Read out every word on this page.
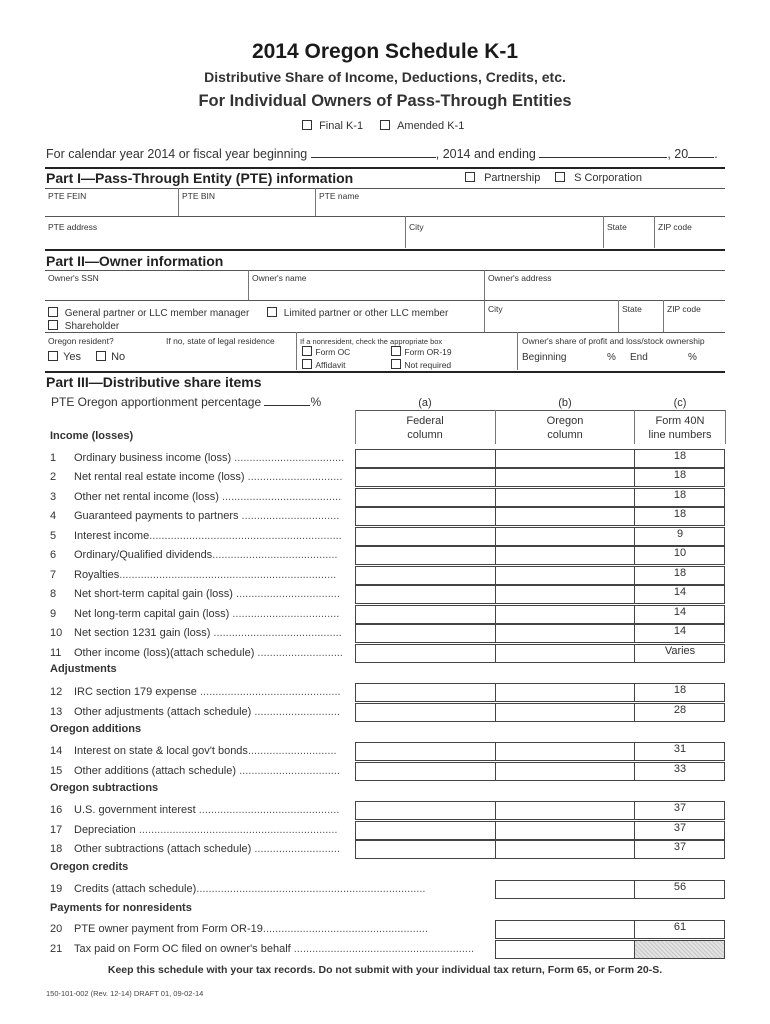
2014 Oregon Schedule K-1
Distributive Share of Income, Deductions, Credits, etc.
For Individual Owners of Pass-Through Entities
Final K-1	Amended K-1
For calendar year 2014 or fiscal year beginning	, 2014 and ending	, 20 .
Part I—Pass-Through Entity (PTE) information	Partnership	S Corporation
PTE FEIN	PTE BIN	PTE name
PTE address	City	State	ZIP code
Part II—Owner information
Owner's SSN	Owner's name	Owner's address
General partner or LLC member manager	Limited partner or other LLC member
Shareholder
City	State	ZIP code
Oregon resident?	If no, state of legal residence	If a nonresident, check the appropriate box	Owner's share of profit and loss/stock ownership
Yes	No	Form OC	Form OR-19
Affidavit	Not required
Beginning	% End	%
Part III—Distributive share items
PTE Oregon apportionment percentage	%	(a)	(b)	(c)
Federal
column
Oregon
column
Form 40N
line numbers
Income (losses)
Adjustments
Oregon additions
Oregon subtractions
Oregon credits
Payments for nonresidents
1 Ordinary business income (loss) ....................................	18
2 Net rental real estate income (loss) ...............................	18
3 Other net rental income (loss) .......................................	18
4 Guaranteed payments to partners ................................	18
5 Interest income...............................................................	9
6 Ordinary/Qualified dividends.........................................	10
7 Royalties.......................................................................	18
8 Net short-term capital gain (loss) ..................................	14
9 Net long-term capital gain (loss) ...................................	14
10 Net section 1231 gain (loss) ..........................................	14
11 Other income (loss)(attach schedule) ............................	Varies
12 IRC section 179 expense ..............................................	18
13 Other adjustments (attach schedule) ............................	28
14 Interest on state & local gov't bonds.............................	31
15 Other additions (attach schedule) .................................	33
16 U.S. government interest ..............................................	37
17 Depreciation .................................................................	37
18 Other subtractions (attach schedule) ............................	37
19 Credits (attach schedule)...........................................................................	56
20 PTE owner payment from Form OR-19......................................................	61
21 Tax paid on Form OC filed on owner's behalf ...........................................................
Keep this schedule with your tax records. Do not submit with your individual tax return, Form 65, or Form 20-S.
150-101-002 (Rev. 12-14) DRAFT 01, 09-02-14
